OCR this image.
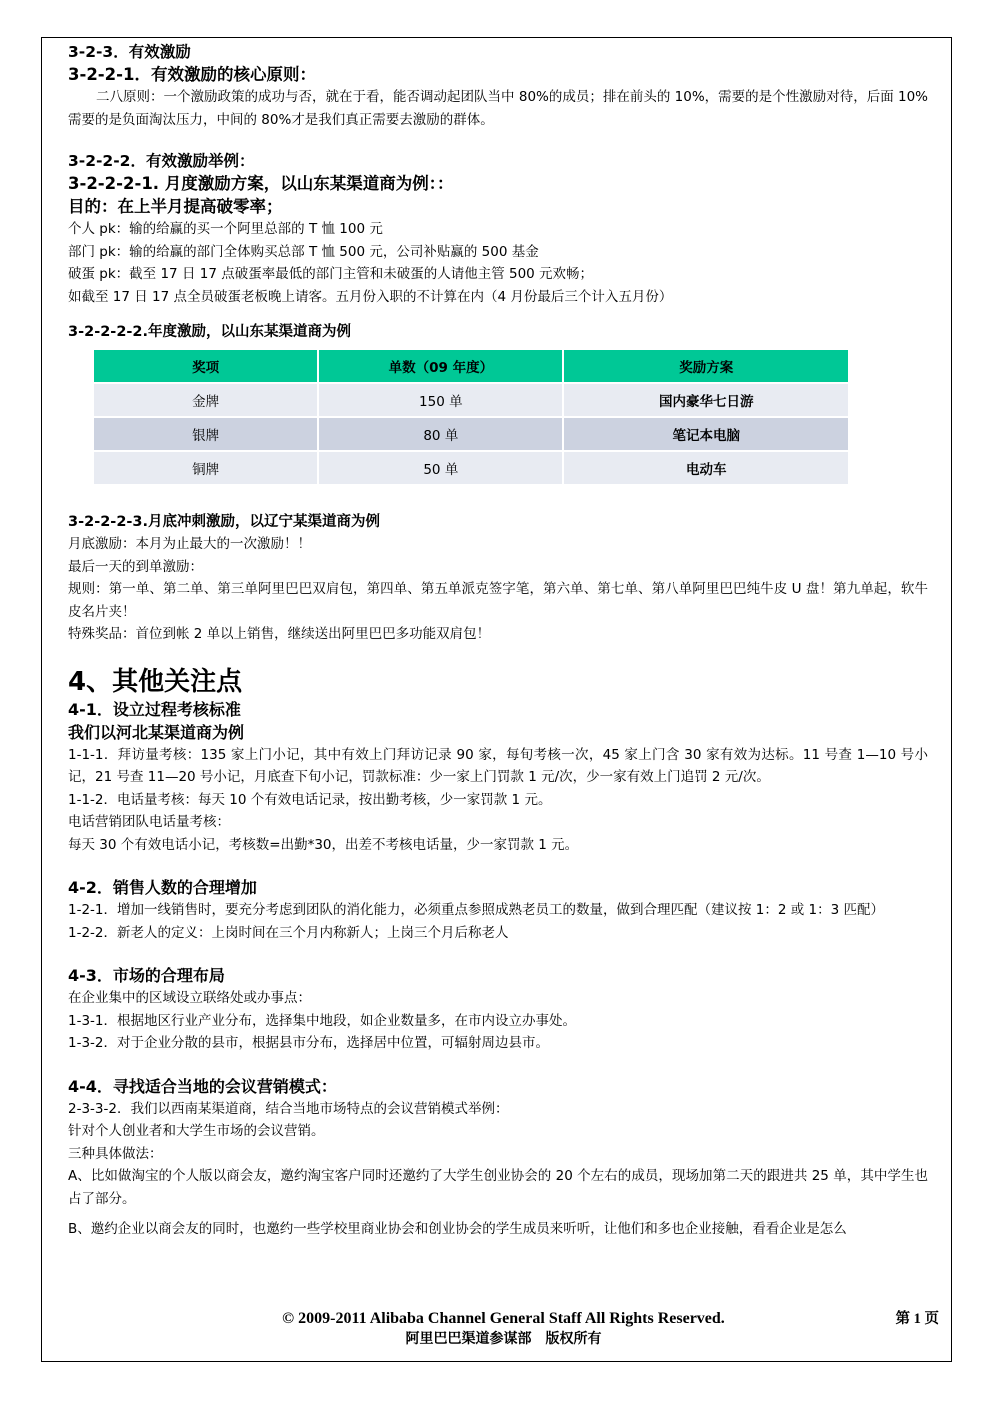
3-2-3．有效激励
3-2-2-1．有效激励的核心原则：
二八原则：一个激励政策的成功与否，就在于看，能否调动起团队当中 80%的成员；排在前头的 10%，需要的是个性激励对待，后面 10%需要的是负面淘汰压力，中间的 80%才是我们真正需要去激励的群体。
3-2-2-2．有效激励举例：
3-2-2-2-1. 月度激励方案，以山东某渠道商为例：：
目的：在上半月提高破零率；
个人 pk：输的给赢的买一个阿里总部的 T 恤 100 元
部门 pk：输的给赢的部门全体购买总部 T 恤 500 元，公司补贴赢的 500 基金
破蛋 pk：截至 17 日 17 点破蛋率最低的部门主管和未破蛋的人请他主管 500 元欢畅；
如截至 17 日 17 点全员破蛋老板晚上请客。五月份入职的不计算在内（4 月份最后三个计入五月份）
3-2-2-2-2.年度激励，以山东某渠道商为例
奖项	单数（09 年度）	奖励方案
金牌	150 单	国内豪华七日游
银牌	80 单	笔记本电脑
铜牌	50 单	电动车
3-2-2-2-3.月底冲刺激励，以辽宁某渠道商为例
月底激励：本月为止最大的一次激励！！
最后一天的到单激励：
规则：第一单、第二单、第三单阿里巴巴双肩包，第四单、第五单派克签字笔，第六单、第七单、第八单阿里巴巴纯牛皮 U 盘！第九单起，软牛皮名片夹！
特殊奖品：首位到帐 2 单以上销售，继续送出阿里巴巴多功能双肩包！
4、其他关注点
4-1．设立过程考核标准
我们以河北某渠道商为例
1-1-1．拜访量考核：135 家上门小记，其中有效上门拜访记录 90 家，每旬考核一次，45 家上门含 30 家有效为达标。11 号查 1—10 号小记，21 号查 11—20 号小记，月底查下旬小记，罚款标准：少一家上门罚款 1 元/次，少一家有效上门追罚 2 元/次。
1-1-2．电话量考核：每天 10 个有效电话记录，按出勤考核，少一家罚款 1 元。
电话营销团队电话量考核：
每天 30 个有效电话小记，考核数=出勤*30，出差不考核电话量，少一家罚款 1 元。
4-2．销售人数的合理增加
1-2-1．增加一线销售时，要充分考虑到团队的消化能力，必须重点参照成熟老员工的数量，做到合理匹配（建议按 1：2 或 1：3 匹配）
1-2-2．新老人的定义：上岗时间在三个月内称新人；上岗三个月后称老人
4-3．市场的合理布局
在企业集中的区域设立联络处或办事点：
1-3-1．根据地区行业产业分布，选择集中地段，如企业数量多，在市内设立办事处。
1-3-2．对于企业分散的县市，根据县市分布，选择居中位置，可辐射周边县市。
4-4．寻找适合当地的会议营销模式：
2-3-3-2．我们以西南某渠道商，结合当地市场特点的会议营销模式举例：
针对个人创业者和大学生市场的会议营销。
三种具体做法：
A、比如做淘宝的个人版以商会友，邀约淘宝客户同时还邀约了大学生创业协会的 20 个左右的成员，现场加第二天的跟进共 25 单，其中学生也占了部分。
B、邀约企业以商会友的同时，也邀约一些学校里商业协会和创业协会的学生成员来听听，让他们和多也企业接触，看看企业是怎么
© 2009-2011 Alibaba Channel General Staff All Rights Reserved.	第 1 页
阿里巴巴渠道参谋部　版权所有
